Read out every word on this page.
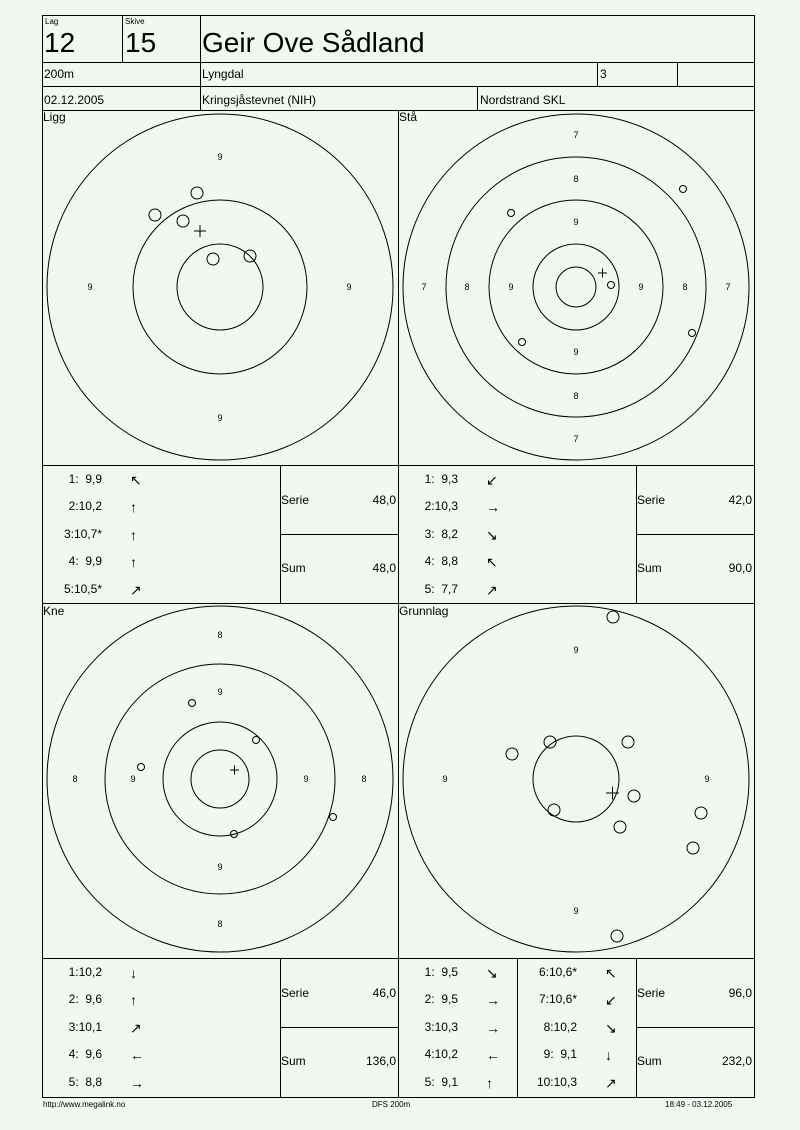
Lag
12
Skive
15 Geir Ove Sådland
200m	Lyngdal	3
02.12.2005	Kringsjåstevnet (NIH)	Nordstrand SKL
Ligg	Stå
Kne	Grunnlag
9
9
9	9
7
8
9
9
8
7
7	8	9	9	8	7
8
9
9
8
8	9	9	8
9
9
9	9
1:  9,9 ↖
2:10,2 ↑
3:10,7* ↑
4:  9,9 ↑
5:10,5* ↗
Serie	48,0
Sum	48,0
1:  9,3 ↙
2:10,3 →
3:  8,2 ↘
4:  8,8 ↖
5:  7,7 ↗
Serie	42,0
Sum	90,0
1:10,2 ↓
2:  9,6 ↑
3:10,1 ↗
4:  9,6 ←
5:  8,8 →
Serie	46,0
Sum	136,0
1:  9,5 ↘
2:  9,5 →
3:10,3 →
4:10,2 ←
5:  9,1 ↑
6:10,6* ↖
7:10,6* ↙
8:10,2 ↘
9:  9,1 ↓
10:10,3 ↗
Serie	96,0
Sum	232,0
http://www.megalink.no	DFS 200m	18:49 - 03.12.2005
